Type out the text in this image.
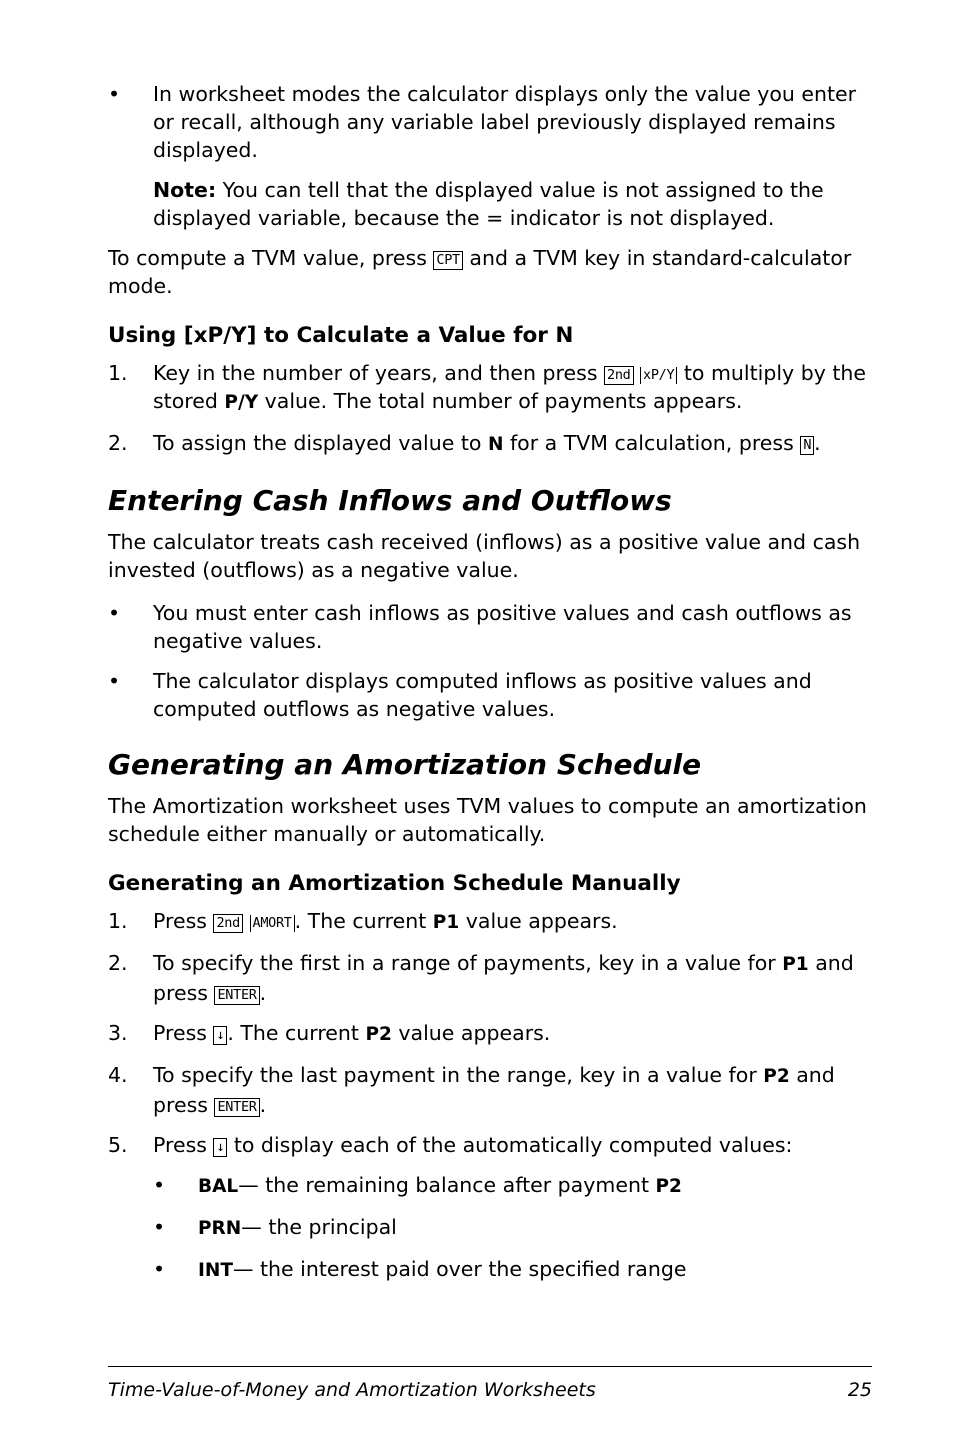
• In worksheet modes the calculator displays only the value you enter or recall, although any variable label previously displayed remains displayed.

Note: You can tell that the displayed value is not assigned to the displayed variable, because the = indicator is not displayed.

To compute a TVM value, press CPT and a TVM key in standard-calculator mode.

Using [xP/Y] to Calculate a Value for N
1. Key in the number of years, and then press 2nd xP/Y to multiply by the stored P/Y value. The total number of payments appears.

2. To assign the displayed value to N for a TVM calculation, press N .

Entering Cash Inflows and Outflows

The calculator treats cash received (inflows) as a positive value and cash invested (outflows) as a negative value.

• You must enter cash inflows as positive values and cash outflows as negative values.

• The calculator displays computed inflows as positive values and computed outflows as negative values.

Generating an Amortization Schedule

The Amortization worksheet uses TVM values to compute an amortization schedule either manually or automatically.

Generating an Amortization Schedule Manually
1. Press 2nd AMORT . The current P1 value appears.

2. To specify the first in a range of payments, key in a value for P1 and press ENTER .

3. Press ↓ . The current P2 value appears.

4. To specify the last payment in the range, key in a value for P2 and press ENTER .

5. Press ↓ to display each of the automatically computed values:

• BAL— the remaining balance after payment P2

• PRN— the principal

• INT— the interest paid over the specified range

Time-Value-of-Money and Amortization Worksheets	25
